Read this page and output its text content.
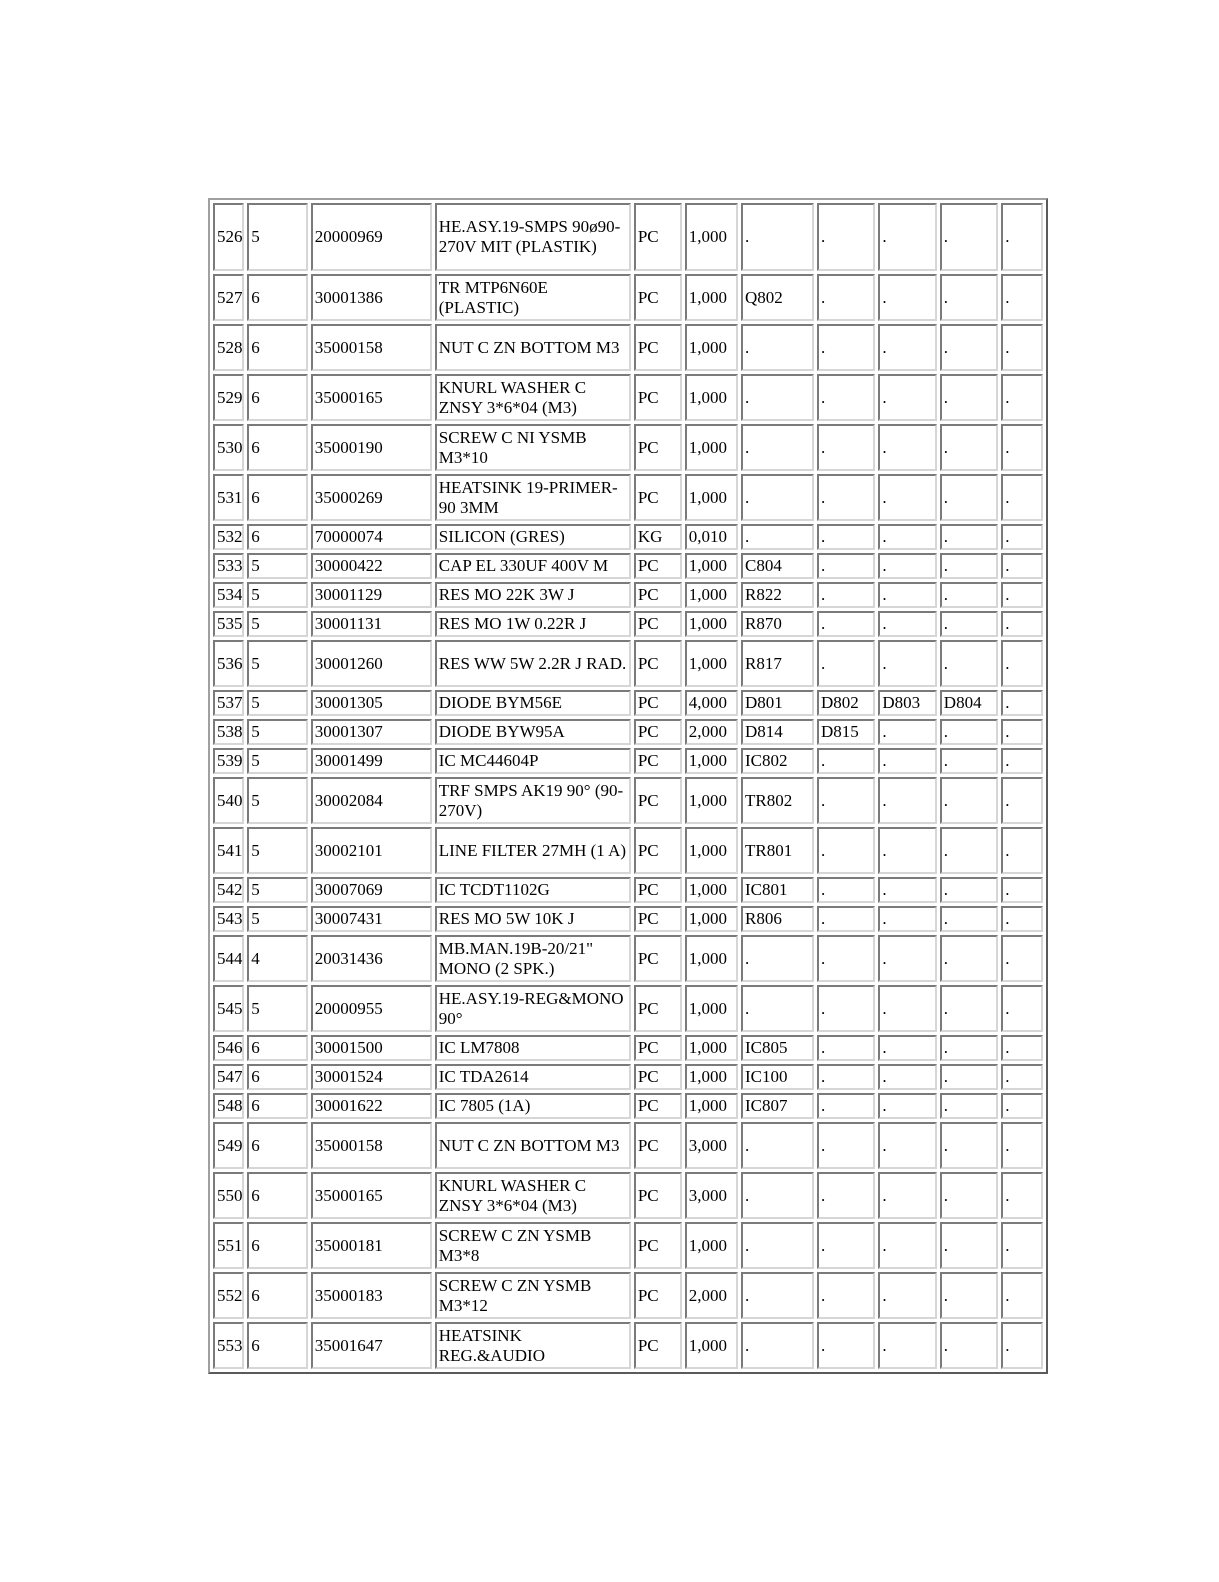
526	5	20000969	HE.ASY.19-SMPS 90ø90-270V MIT (PLASTIK)	PC	1,000	.	.	.	.	.
527	6	30001386	TR MTP6N60E (PLASTIC)	PC	1,000	Q802	.	.	.	.
528	6	35000158	NUT C ZN BOTTOM M3	PC	1,000	.	.	.	.	.
529	6	35000165	KNURL WASHER C ZNSY 3*6*04 (M3)	PC	1,000	.	.	.	.	.
530	6	35000190	SCREW C NI YSMB M3*10	PC	1,000	.	.	.	.	.
531	6	35000269	HEATSINK 19-PRIMER-90 3MM	PC	1,000	.	.	.	.	.
532	6	70000074	SILICON (GRES)	KG	0,010	.	.	.	.	.
533	5	30000422	CAP EL 330UF 400V M	PC	1,000	C804	.	.	.	.
534	5	30001129	RES MO 22K 3W J	PC	1,000	R822	.	.	.	.
535	5	30001131	RES MO 1W 0.22R J	PC	1,000	R870	.	.	.	.
536	5	30001260	RES WW 5W 2.2R J RAD.	PC	1,000	R817	.	.	.	.
537	5	30001305	DIODE BYM56E	PC	4,000	D801	D802	D803	D804	.
538	5	30001307	DIODE BYW95A	PC	2,000	D814	D815	.	.	.
539	5	30001499	IC MC44604P	PC	1,000	IC802	.	.	.	.
540	5	30002084	TRF SMPS AK19 90° (90-270V)	PC	1,000	TR802	.	.	.	.
541	5	30002101	LINE FILTER 27MH (1 A)	PC	1,000	TR801	.	.	.	.
542	5	30007069	IC TCDT1102G	PC	1,000	IC801	.	.	.	.
543	5	30007431	RES MO 5W 10K J	PC	1,000	R806	.	.	.	.
544	4	20031436	MB.MAN.19B-20/21" MONO (2 SPK.)	PC	1,000	.	.	.	.	.
545	5	20000955	HE.ASY.19-REG&MONO 90°	PC	1,000	.	.	.	.	.
546	6	30001500	IC LM7808	PC	1,000	IC805	.	.	.	.
547	6	30001524	IC TDA2614	PC	1,000	IC100	.	.	.	.
548	6	30001622	IC 7805 (1A)	PC	1,000	IC807	.	.	.	.
549	6	35000158	NUT C ZN BOTTOM M3	PC	3,000	.	.	.	.	.
550	6	35000165	KNURL WASHER C ZNSY 3*6*04 (M3)	PC	3,000	.	.	.	.	.
551	6	35000181	SCREW C ZN YSMB M3*8	PC	1,000	.	.	.	.	.
552	6	35000183	SCREW C ZN YSMB M3*12	PC	2,000	.	.	.	.	.
553	6	35001647	HEATSINK REG.&AUDIO	PC	1,000	.	.	.	.	.
